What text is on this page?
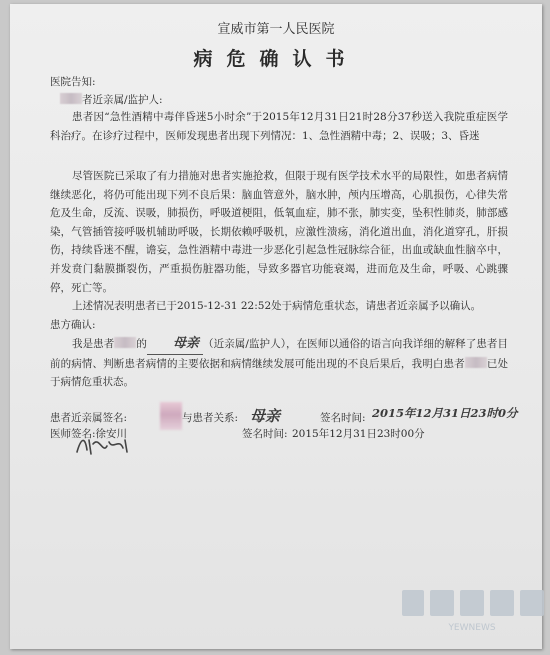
宣威市第一人民医院
病危确认书
医院告知:
者近亲属/监护人:

患者因“急性酒精中毒伴昏迷5小时余”于2015年12月31日21时28分37秒送入我院重症医学科治疗。在诊疗过程中，医师发现患者出现下列情况：1、急性酒精中毒；2、误吸；3、昏迷

尽管医院已采取了有力措施对患者实施抢救，但限于现有医学技术水平的局限性，如患者病情继续恶化，将仍可能出现下列不良后果：脑血管意外，脑水肿，颅内压增高，心肌损伤，心律失常危及生命，反流、误吸，肺损伤，呼吸道梗阻，低氧血症，肺不张，肺实变，坠积性肺炎，肺部感染，气管插管接呼吸机辅助呼吸，长期依赖呼吸机，应激性溃疡，消化道出血，消化道穿孔，肝损伤，持续昏迷不醒，谵妄，急性酒精中毒进一步恶化引起急性冠脉综合征，出血或缺血性脑卒中，并发贲门黏膜撕裂伤，严重损伤脏器功能，导致多器官功能衰竭，进而危及生命，呼吸、心跳骤停，死亡等。

上述情况表明患者已于2015-12-31 22:52处于病情危重状态，请患者近亲属予以确认。

患方确认:
我是患者 的 母亲 （近亲属/监护人），在医师以通俗的语言向我详细的解释了患者目前的病情、判断患者病情的主要依据和病情继续发展可能出现的不良后果后，我明白患者 已处于病情危重状态。
患者近亲属签名:	与患者关系: 母亲	签名时间: 2015年12月31日23时0分
医师签名:徐安川	签名时间: 2015年12月31日23时00分
YEWNEWS
